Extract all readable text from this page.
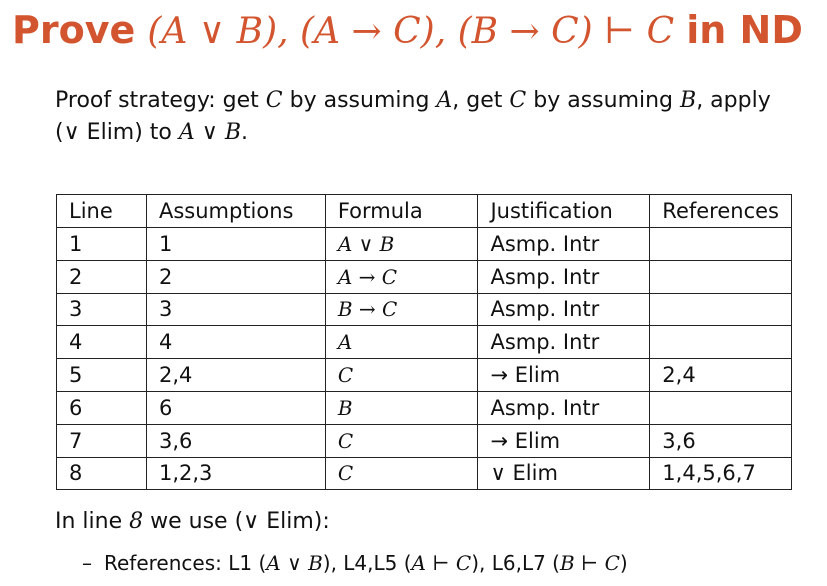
Prove (A ∨ B), (A → C), (B → C) ⊢ C in ND

Proof strategy: get C by assuming A, get C by assuming B, apply (∨ Elim) to A ∨ B.

Line	Assumptions	Formula	Justification	References
1	1	A ∨ B	Asmp. Intr	
2	2	A → C	Asmp. Intr	
3	3	B → C	Asmp. Intr	
4	4	A	Asmp. Intr	
5	2,4	C	→ Elim	2,4
6	6	B	Asmp. Intr	
7	3,6	C	→ Elim	3,6
8	1,2,3	C	∨ Elim	1,4,5,6,7

In line 8 we use (∨ Elim):

– References: L1 (A ∨ B), L4,L5 (A ⊢ C), L6,L7 (B ⊢ C)
